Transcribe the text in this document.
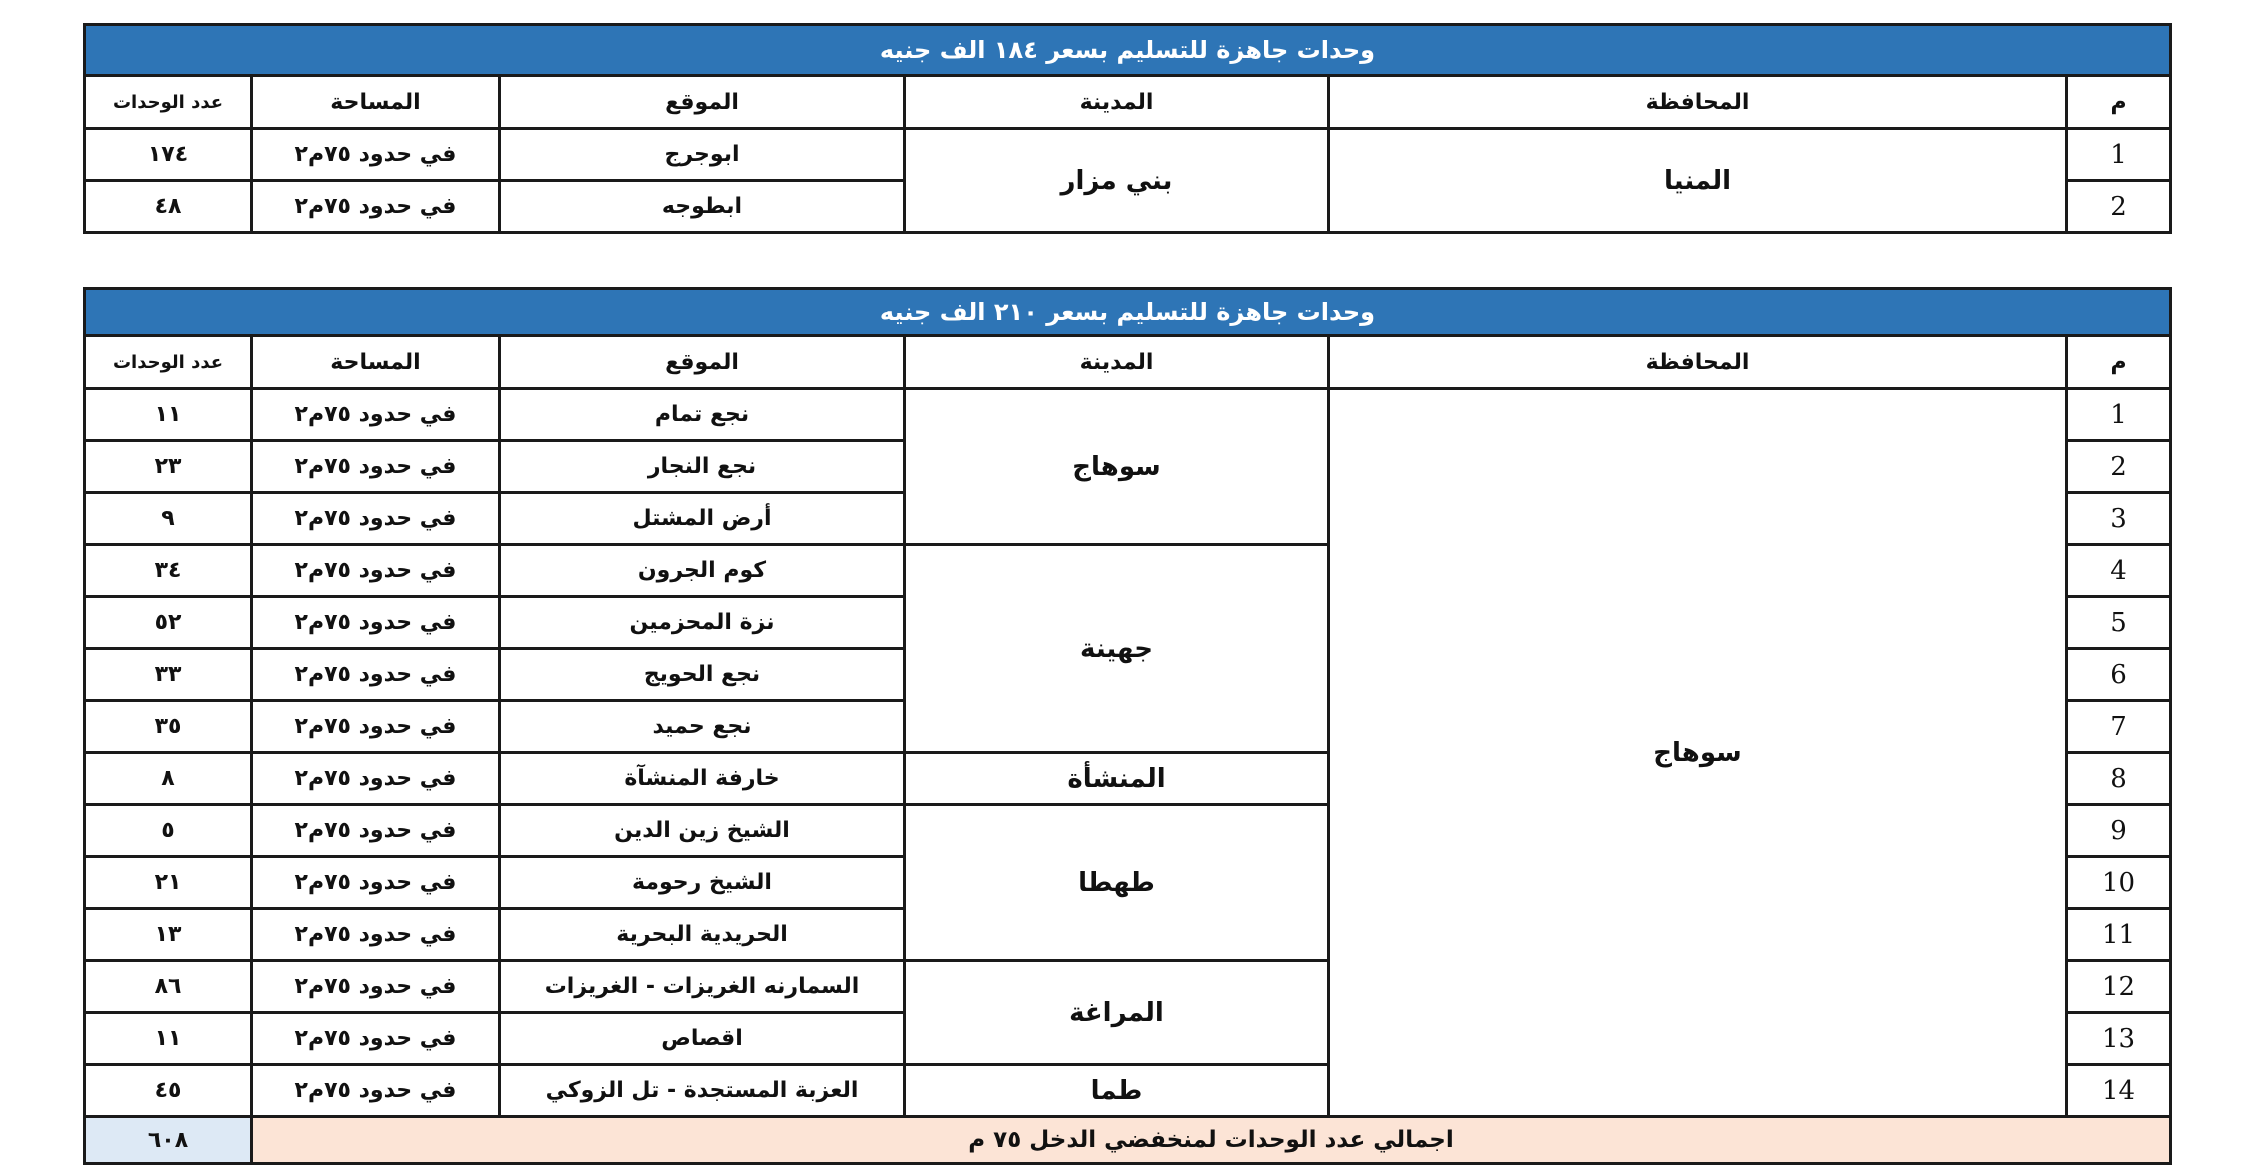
وحدات جاهزة للتسليم بسعر ١٨٤ الف جنيه					
عدد الوحدات	المساحة	الموقع	المدينة	المحافظة	م
١٧٤	في حدود ٧٥م٢	ابوجرج	بني مزار	المنيا	1
٤٨	في حدود ٧٥م٢	ابطوجه			2
وحدات جاهزة للتسليم بسعر ٢١٠ الف جنيه					
عدد الوحدات	المساحة	الموقع	المدينة	المحافظة	م
١١	في حدود ٧٥م٢	نجع تمام	سوهاج	سوهاج	1
٢٣	في حدود ٧٥م٢	نجع النجار			2
٩	في حدود ٧٥م٢	أرض المشتل			3
٣٤	في حدود ٧٥م٢	كوم الجرون	جهينة		4
٥٢	في حدود ٧٥م٢	نزة المحزمين			5
٣٣	في حدود ٧٥م٢	نجع الحويج			6
٣٥	في حدود ٧٥م٢	نجع حميد			7
٨	في حدود ٧٥م٢	خارفة المنشآة	المنشأة		8
٥	في حدود ٧٥م٢	الشيخ زين الدين	طهطا		9
٢١	في حدود ٧٥م٢	الشيخ رحومة			10
١٣	في حدود ٧٥م٢	الحريدية البحرية			11
٨٦	في حدود ٧٥م٢	السمارنه الغريزات - الغريزات	المراغة		12
١١	في حدود ٧٥م٢	اقصاص			13
٤٥	في حدود ٧٥م٢	العزبة المستجدة - تل الزوكي	طما		14
٦٠٨	اجمالي عدد الوحدات لمنخفضي الدخل ٧٥ م				
